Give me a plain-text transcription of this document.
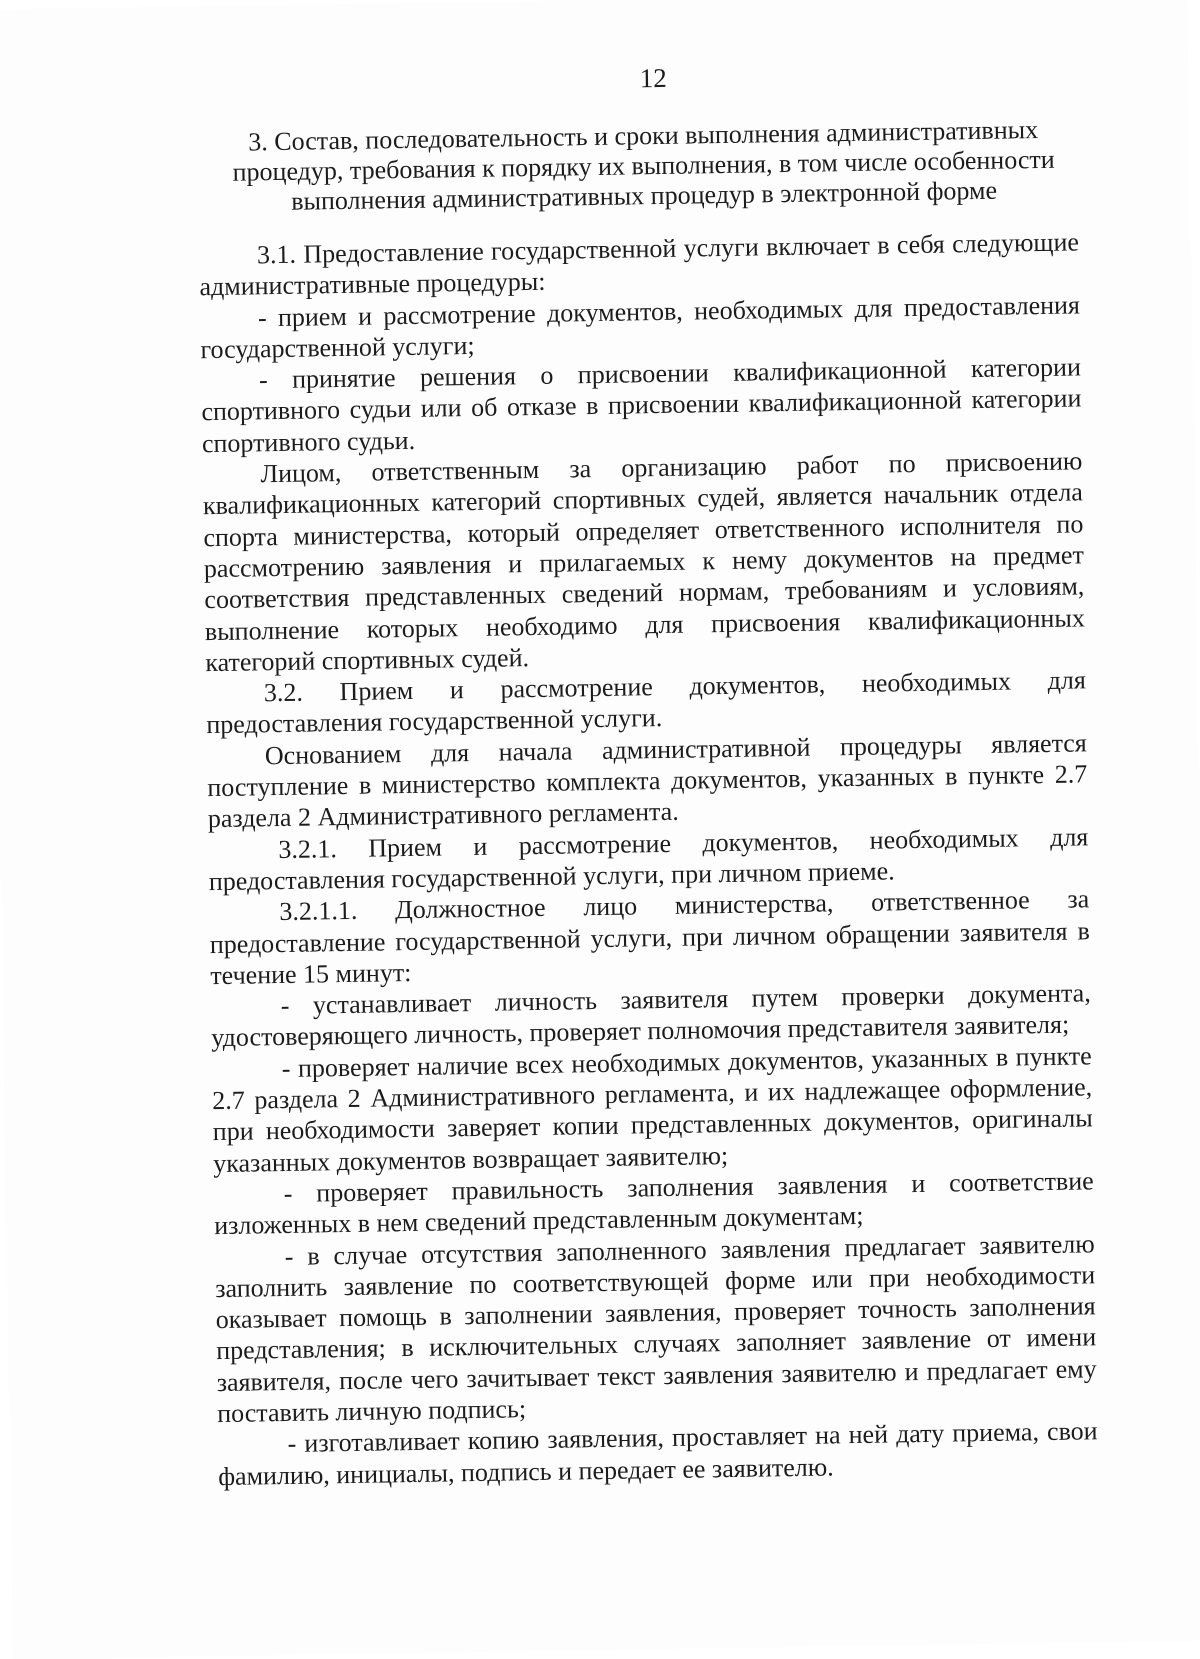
12
3. Состав, последовательность и сроки выполнения административных
процедур, требования к порядку их выполнения, в том числе особенности
выполнения административных процедур в электронной форме

3.1. Предоставление государственной услуги включает в себя следующие административные процедуры:

- прием и рассмотрение документов, необходимых для предоставления государственной услуги;

- принятие решения о присвоении квалификационной категории спортивного судьи или об отказе в присвоении квалификационной категории спортивного судьи.

Лицом, ответственным за организацию работ по присвоению квалификационных категорий спортивных судей, является начальник отдела спорта министерства, который определяет ответственного исполнителя по рассмотрению заявления и прилагаемых к нему документов на предмет соответствия представленных сведений нормам, требованиям и условиям, выполнение которых необходимо для присвоения квалификационных категорий спортивных судей.

3.2. Прием и рассмотрение документов, необходимых для предоставления государственной услуги.

Основанием для начала административной процедуры является поступление в министерство комплекта документов, указанных в пункте 2.7 раздела 2 Административного регламента.

3.2.1. Прием и рассмотрение документов, необходимых для предоставления государственной услуги, при личном приеме.

3.2.1.1. Должностное лицо министерства, ответственное за предоставление государственной услуги, при личном обращении заявителя в течение 15 минут:

- устанавливает личность заявителя путем проверки документа, удостоверяющего личность, проверяет полномочия представителя заявителя;

- проверяет наличие всех необходимых документов, указанных в пункте 2.7 раздела 2 Административного регламента, и их надлежащее оформление, при необходимости заверяет копии представленных документов, оригиналы указанных документов возвращает заявителю;

- проверяет правильность заполнения заявления и соответствие изложенных в нем сведений представленным документам;

- в случае отсутствия заполненного заявления предлагает заявителю заполнить заявление по соответствующей форме или при необходимости оказывает помощь в заполнении заявления, проверяет точность заполнения представления; в исключительных случаях заполняет заявление от имени заявителя, после чего зачитывает текст заявления заявителю и предлагает ему поставить личную подпись;

- изготавливает копию заявления, проставляет на ней дату приема, свои фамилию, инициалы, подпись и передает ее заявителю.
